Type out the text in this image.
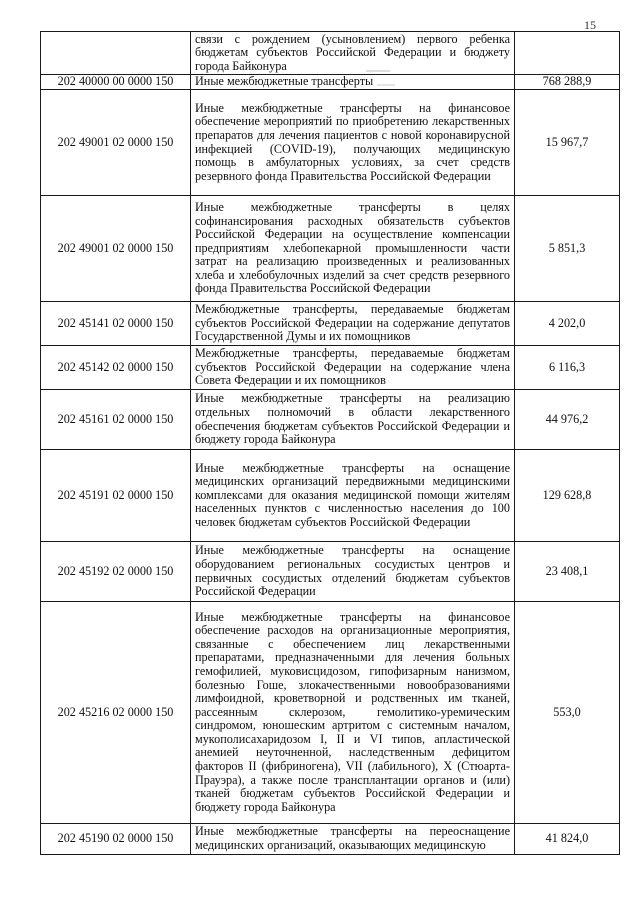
15
	связи с рождением (усыновлением) первого ребенка бюджетам субъектов Российской Федерации и бюджету города Байконура	
202 40000 00 0000 150	Иные межбюджетные трансферты	768 288,9
202 49001 02 0000 150	Иные межбюджетные трансферты на финансовое обеспечение мероприятий по приобретению лекарственных препаратов для лечения пациентов с новой коронавирусной инфекцией (COVID-19), получающих медицинскую помощь в амбулаторных условиях, за счет средств резервного фонда Правительства Российской Федерации	15 967,7
202 49001 02 0000 150	Иные межбюджетные трансферты в целях софинансирования расходных обязательств субъектов Российской Федерации на осуществление компенсации предприятиям хлебопекарной промышленности части затрат на реализацию произведенных и реализованных хлеба и хлебобулочных изделий за счет средств резервного фонда Правительства Российской Федерации	5 851,3
202 45141 02 0000 150	Межбюджетные трансферты, передаваемые бюджетам субъектов Российской Федерации на содержание депутатов Государственной Думы и их помощников	4 202,0
202 45142 02 0000 150	Межбюджетные трансферты, передаваемые бюджетам субъектов Российской Федерации на содержание члена Совета Федерации и их помощников	6 116,3
202 45161 02 0000 150	Иные межбюджетные трансферты на реализацию отдельных полномочий в области лекарственного обеспечения бюджетам субъектов Российской Федерации и бюджету города Байконура	44 976,2
202 45191 02 0000 150	Иные межбюджетные трансферты на оснащение медицинских организаций передвижными медицинскими комплексами для оказания медицинской помощи жителям населенных пунктов с численностью населения до 100 человек бюджетам субъектов Российской Федерации	129 628,8
202 45192 02 0000 150	Иные межбюджетные трансферты на оснащение оборудованием региональных сосудистых центров и первичных сосудистых отделений бюджетам субъектов Российской Федерации	23 408,1
202 45216 02 0000 150	Иные межбюджетные трансферты на финансовое обеспечение расходов на организационные мероприятия, связанные с обеспечением лиц лекарственными препаратами, предназначенными для лечения больных гемофилией, муковисцидозом, гипофизарным нанизмом, болезнью Гоше, злокачественными новообразованиями лимфоидной, кроветворной и родственных им тканей, рассеянным склерозом, гемолитико-уремическим синдромом, юношеским артритом с системным началом, мукополисахаридозом I, II и VI типов, апластической анемией неуточненной, наследственным дефицитом факторов II (фибриногена), VII (лабильного), X (Стюарта-Прауэра), а также после трансплантации органов и (или) тканей бюджетам субъектов Российской Федерации и бюджету города Байконура	553,0
202 45190 02 0000 150	Иные межбюджетные трансферты на переоснащение медицинских организаций, оказывающих медицинскую	41 824,0
